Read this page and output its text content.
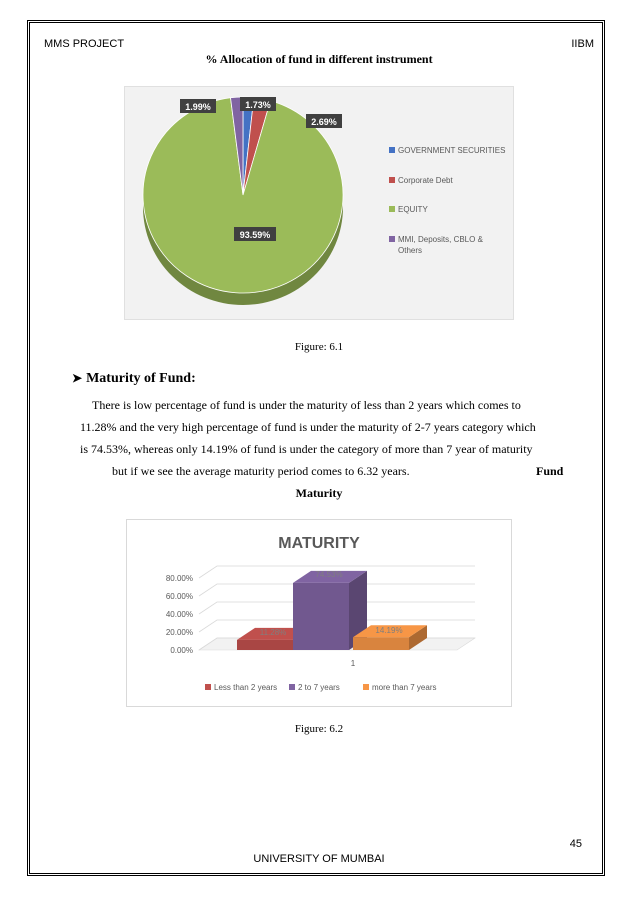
MMS PROJECT	IIBM
% Allocation of fund in different instrument
1.73%
2.69%
93.59%
1.99%
GOVERNMENT SECURITIES
Corporate Debt
EQUITY
MMI, Deposits, CBLO &
Others
Figure: 6.1
➤ Maturity of Fund:
There is low percentage of fund is under the maturity of less than 2 years which comes to
11.28% and the very high percentage of fund is under the maturity of 2-7 years category which
is 74.53%, whereas only 14.19% of fund is under the category of more than 7 year of maturity
but if we see the average maturity period comes to 6.32 years.	Fund
Maturity
MATURITY
0.00%
20.00%
40.00%
60.00%
80.00%
11.28%
74.53%
14.19%
1
Less than 2 years	2 to 7 years	more than 7 years
Figure: 6.2
45
UNIVERSITY OF MUMBAI
